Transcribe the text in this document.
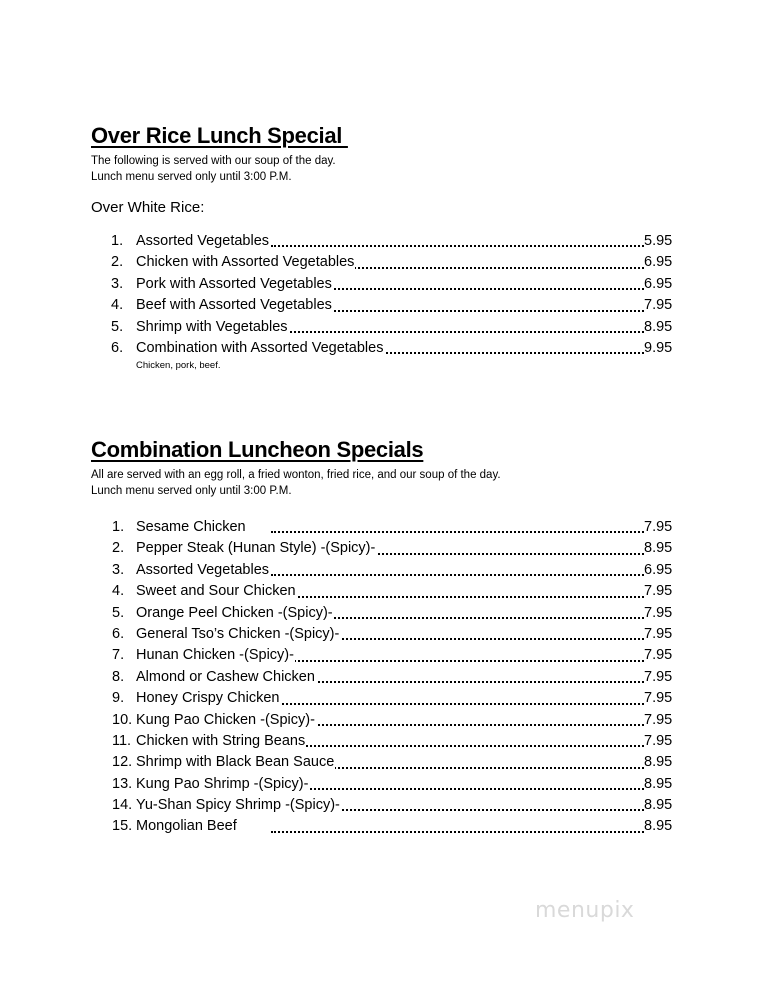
Over Rice Lunch Special
The following is served with our soup of the day.
Lunch menu served only until 3:00 P.M.
Over White Rice:
1. Assorted Vegetables	5.95
2. Chicken with Assorted Vegetables	6.95
3. Pork with Assorted Vegetables	6.95
4. Beef with Assorted Vegetables	7.95
5. Shrimp with Vegetables	8.95
6. Combination with Assorted Vegetables	9.95
Chicken, pork, beef.
Combination Luncheon Specials
All are served with an egg roll, a fried wonton, fried rice, and our soup of the day.
Lunch menu served only until 3:00 P.M.
1. Sesame Chicken	7.95
2. Pepper Steak (Hunan Style) -(Spicy)-	8.95
3. Assorted Vegetables	6.95
4. Sweet and Sour Chicken	7.95
5. Orange Peel Chicken -(Spicy)-	7.95
6. General Tso’s Chicken -(Spicy)-	7.95
7. Hunan Chicken -(Spicy)-	7.95
8. Almond or Cashew Chicken	7.95
9. Honey Crispy Chicken	7.95
10. Kung Pao Chicken -(Spicy)-	7.95
11. Chicken with String Beans	7.95
12. Shrimp with Black Bean Sauce	8.95
13. Kung Pao Shrimp -(Spicy)-	8.95
14. Yu-Shan Spicy Shrimp -(Spicy)-	8.95
15. Mongolian Beef	8.95
menupix
